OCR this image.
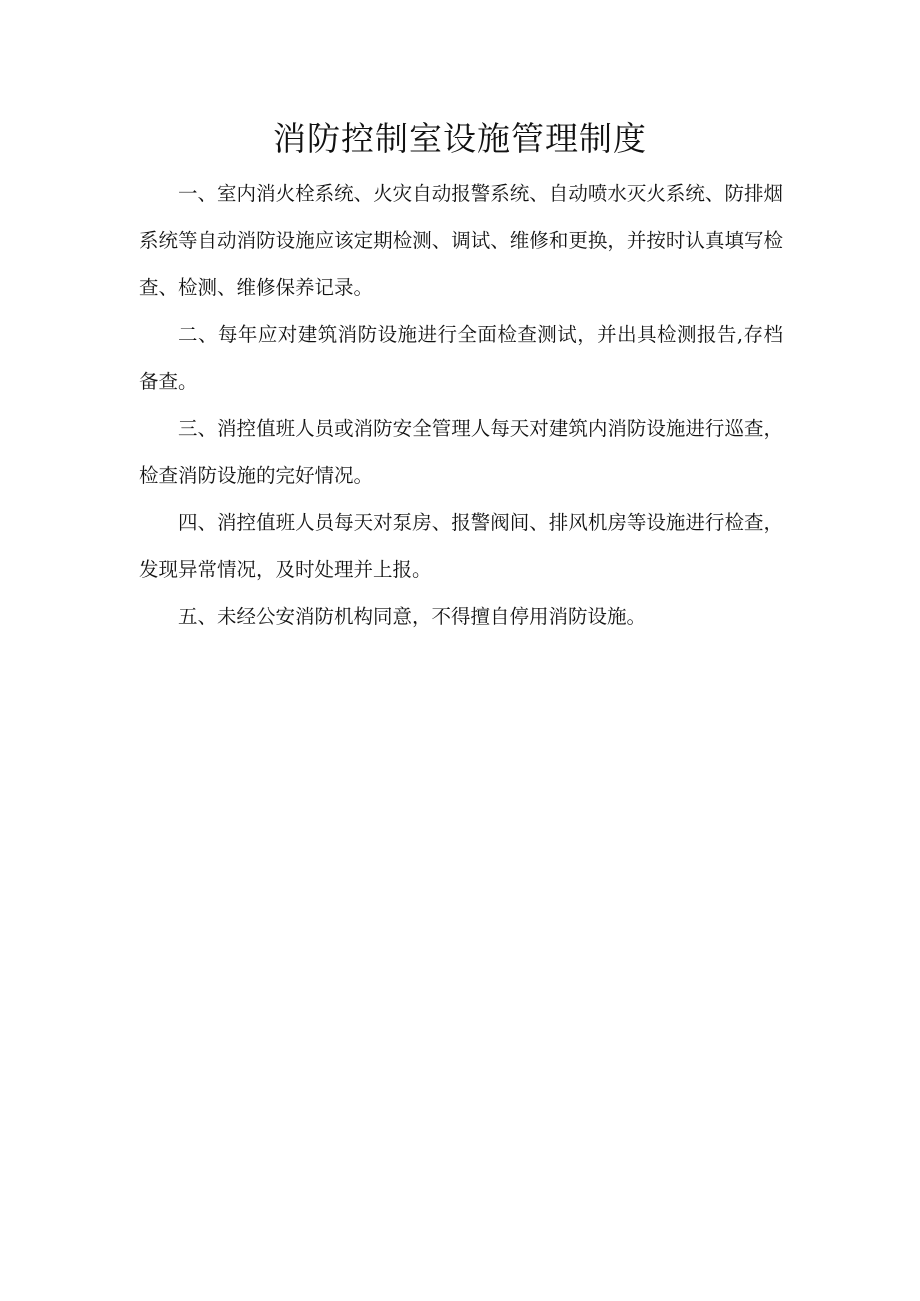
消防控制室设施管理制度

一、室内消火栓系统、火灾自动报警系统、自动喷水灭火系统、防排烟系统等自动消防设施应该定期检测、调试、维修和更换，并按时认真填写检查、检测、维修保养记录。

二、每年应对建筑消防设施进行全面检查测试，并出具检测报告,存档备查。

三、消控值班人员或消防安全管理人每天对建筑内消防设施进行巡查，检查消防设施的完好情况。

四、消控值班人员每天对泵房、报警阀间、排风机房等设施进行检查，发现异常情况，及时处理并上报。

五、未经公安消防机构同意，不得擅自停用消防设施。
